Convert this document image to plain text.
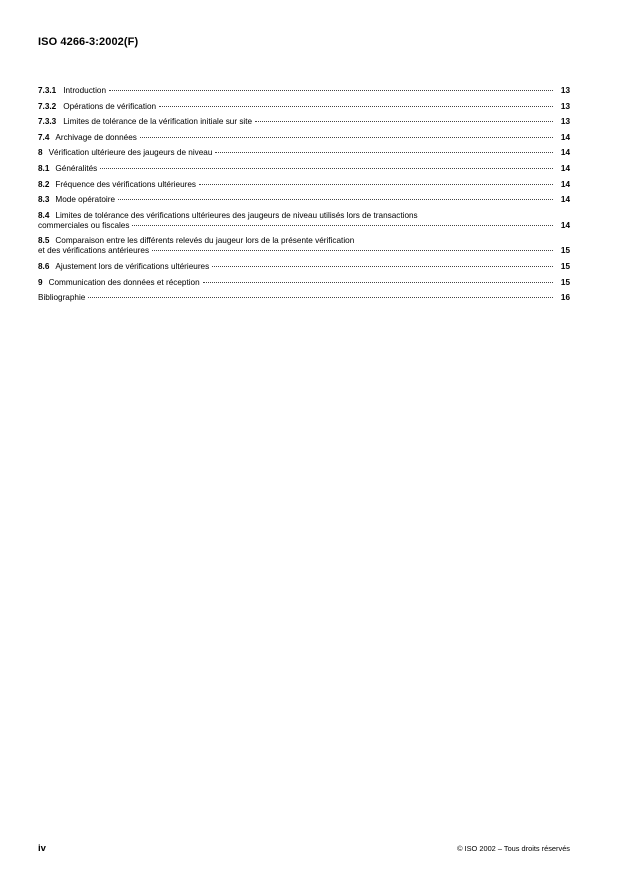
ISO 4266-3:2002(F)
7.3.1 Introduction	13
7.3.2 Opérations de vérification	13
7.3.3 Limites de tolérance de la vérification initiale sur site	13
7.4 Archivage de données	14
8 Vérification ultérieure des jaugeurs de niveau	14
8.1 Généralités	14
8.2 Fréquence des vérifications ultérieures	14
8.3 Mode opératoire	14
8.4 Limites de tolérance des vérifications ultérieures des jaugeurs de niveau utilisés lors de transactions
commerciales ou fiscales	14
8.5 Comparaison entre les différents relevés du jaugeur lors de la présente vérification
et des vérifications antérieures	15
8.6 Ajustement lors de vérifications ultérieures	15
9 Communication des données et réception	15
Bibliographie	16
iv	© ISO 2002 – Tous droits réservés
